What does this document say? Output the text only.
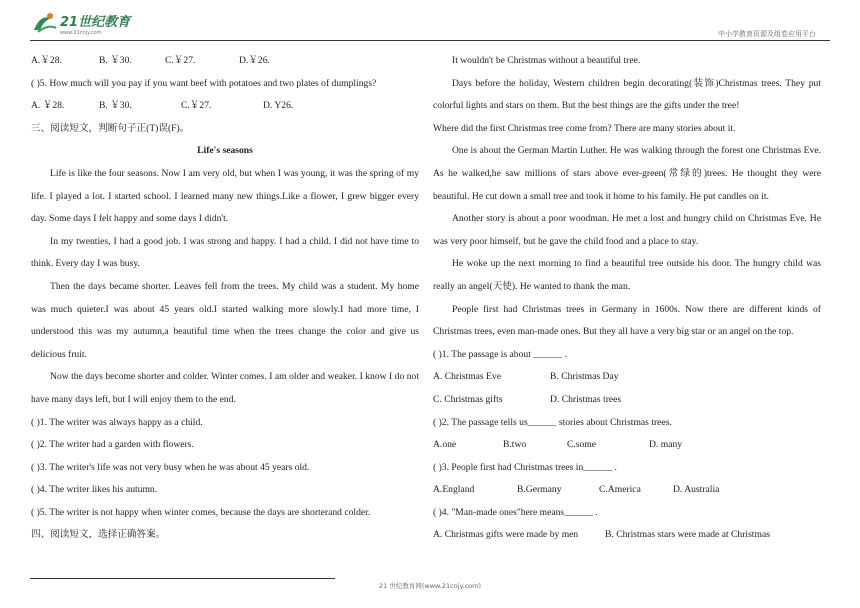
21世纪教育
www.21cnjy.com	中小学教育资源及组卷应用平台
A.￥28.	B. ￥30.	C.￥27.	D.￥26.

( )5. How much will you pay if you want beef with potatoes and two plates of dumplings?

A. ￥28.	B. ￥30.	C.￥27.	D. Y26.

三、阅读短文，判断句子正(T)误(F)。

Life's seasons

Life is like the four seasons. Now I am very old, but when I was young, it was the spring of my life. I played a lot. I started school. I learned many new things.Like a flower, I grew bigger every day. Some days I felt happy and some days I didn't.

In my twenties, I had a good job. I was strong and happy. I had a child. I did not have time to think. Every day I was busy.

Then the days became shorter. Leaves fell from the trees. My child was a student. My home was much quieter.I was about 45 years old.I started walking more slowly.I had more time, I understood this was my autumn,a beautiful time when the trees change the color and give us delicious fruit.

Now the days become shorter and colder. Winter comes. I am older and weaker. I know I do not have many days left, but I will enjoy them to the end.

( )1. The writer was always happy as a child.

( )2. The writer had a garden with flowers.

( )3. The writer's life was not very busy when he was about 45 years old.

( )4. The writer likes his autumn.

( )5. The writer is not happy when winter comes, because the days are shorterand colder.

四、阅读短文，选择正确答案。

It wouldn't be Christmas without a beautiful tree.

Days before the holiday, Western children begin decorating(装饰)Christmas trees. They put colorful lights and stars on them. But the best things are the gifts under the tree!

Where did the first Christmas tree come from? There are many stories about it.

One is about the German Martin Luther. He was walking through the forest one Christmas Eve. As he walked,he saw millions of stars above ever-green(常绿的)trees. He thought they were beautiful. He cut down a small tree and took it home to his family. He put candles on it.

Another story is about a poor woodman. He met a lost and hungry child on Christmas Eve. He was very poor himself, but he gave the child food and a place to stay.

He woke up the next morning to find a beautiful tree outside his door. The hungry child was really an angel(天使). He wanted to thank the man.

People first had Christmas trees in Germany in 1600s. Now there are different kinds of Christmas trees, even man-made ones. But they all have a very big star or an angel on the top.

( )1. The passage is about ______ .

A. Christmas Eve	B. Christmas Day
C. Christmas gifts	D. Christmas trees

( )2. The passage tells us______ stories about Christmas trees.

A.one	B.two	C.some	D. many

( )3. People first had Christmas trees in______ .

A.England	B.Germany	C.America	D. Australia

( )4. "Man-made ones"here means______ .

A. Christmas gifts were made by men	B. Christmas stars were made at Christmas
21 世纪教育网(www.21cnjy.com)
